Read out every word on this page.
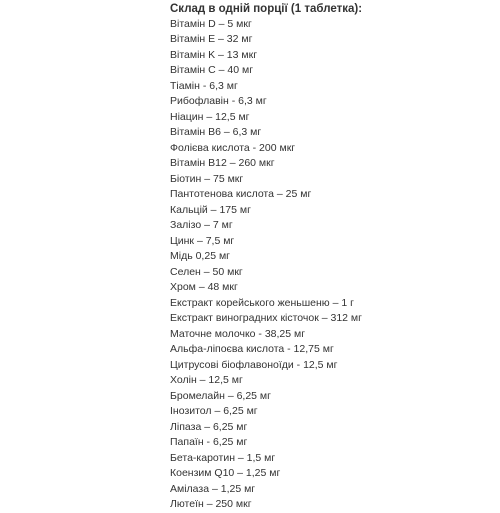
Склад в одній порції (1 таблетка):
Вітамін D – 5 мкг
Вітамін E – 32 мг
Вітамін K – 13 мкг
Вітамін C – 40 мг
Тіамін - 6,3 мг
Рибофлавін - 6,3 мг
Ніацин – 12,5 мг
Вітамін B6 – 6,3 мг
Фолієва кислота - 200 мкг
Вітамін B12 – 260 мкг
Біотин – 75 мкг
Пантотенова кислота – 25 мг
Кальцій – 175 мг
Залізо – 7 мг
Цинк – 7,5 мг
Мідь 0,25 мг
Селен – 50 мкг
Хром – 48 мкг
Екстракт корейського женьшеню – 1 г
Екстракт виноградних кісточок – 312 мг
Маточне молочко - 38,25 мг
Альфа-ліпоєва кислота - 12,75 мг
Цитрусові біофлавоноїди - 12,5 мг
Холін – 12,5 мг
Бромелайн – 6,25 мг
Інозитол – 6,25 мг
Ліпаза – 6,25 мг
Папаїн - 6,25 мг
Бета-каротин – 1,5 мг
Коензим Q10 – 1,25 мг
Амілаза – 1,25 мг
Лютеїн – 250 мкг
